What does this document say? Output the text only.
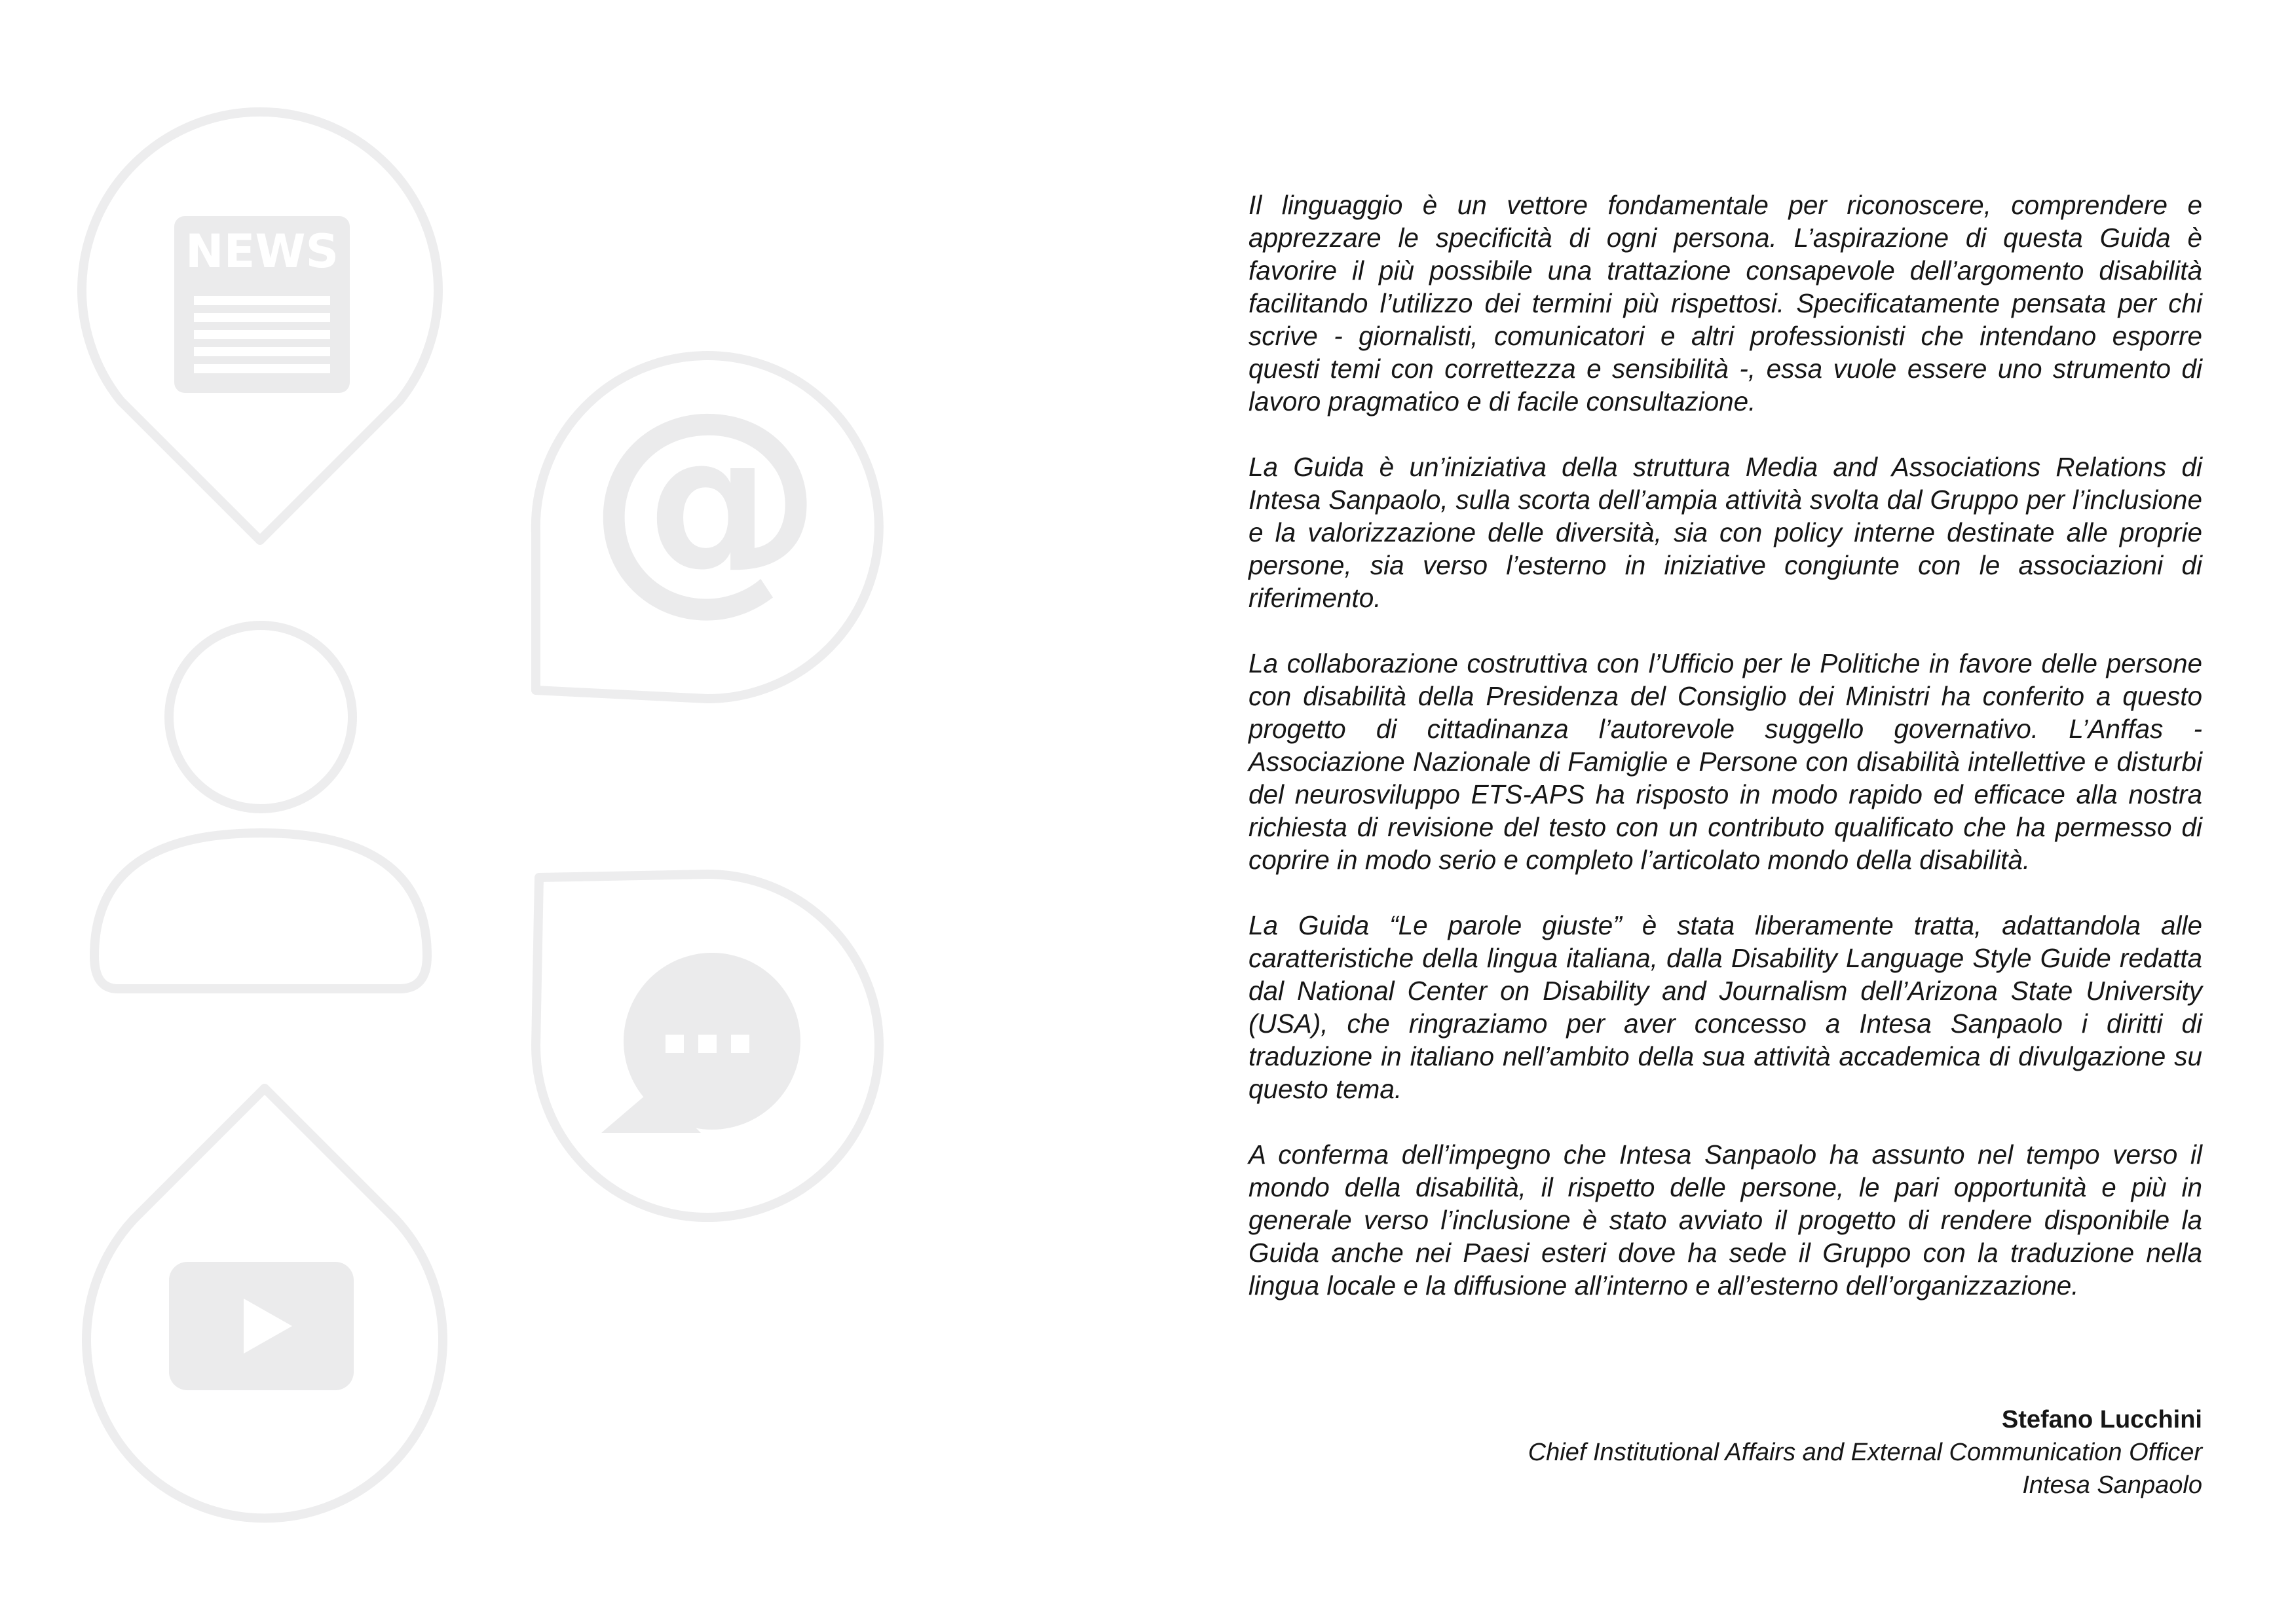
NEWS
@

Il linguaggio è un vettore fondamentale per riconoscere, comprendere e apprezzare le specificità di ogni persona. L’aspirazione di questa Guida è favorire il più possibile una trattazione consapevole dell’argomento disabilità facilitando l’utilizzo dei termini più rispettosi. Specificatamente pensata per chi scrive - giornalisti, comunicatori e altri professionisti che intendano esporre questi temi con correttezza e sensibilità -, essa vuole essere uno strumento di lavoro pragmatico e di facile consultazione.

La Guida è un’iniziativa della struttura Media and Associations Relations di Intesa Sanpaolo, sulla scorta dell’ampia attività svolta dal Gruppo per l’inclusione e la valorizzazione delle diversità, sia con policy interne destinate alle proprie persone, sia verso l’esterno in iniziative congiunte con le associazioni di riferimento.

La collaborazione costruttiva con l’Ufficio per le Politiche in favore delle persone con disabilità della Presidenza del Consiglio dei Ministri ha conferito a questo progetto di cittadinanza l’autorevole suggello governativo. L’Anffas - Associazione Nazionale di Famiglie e Persone con disabilità intellettive e disturbi del neurosviluppo ETS-APS ha risposto in modo rapido ed efficace alla nostra richiesta di revisione del testo con un contributo qualificato che ha permesso di coprire in modo serio e completo l’articolato mondo della disabilità.

La Guida “Le parole giuste” è stata liberamente tratta, adattandola alle caratteristiche della lingua italiana, dalla Disability Language Style Guide redatta dal National Center on Disability and Journalism dell’Arizona State University (USA), che ringraziamo per aver concesso a Intesa Sanpaolo i diritti di traduzione in italiano nell’ambito della sua attività accademica di divulgazione su questo tema.

A conferma dell’impegno che Intesa Sanpaolo ha assunto nel tempo verso il mondo della disabilità, il rispetto delle persone, le pari opportunità e più in generale verso l’inclusione è stato avviato il progetto di rendere disponibile la Guida anche nei Paesi esteri dove ha sede il Gruppo con la traduzione nella lingua locale e la diffusione all’interno e all’esterno dell’organizzazione.

Stefano Lucchini
Chief Institutional Affairs and External Communication Officer
Intesa Sanpaolo
